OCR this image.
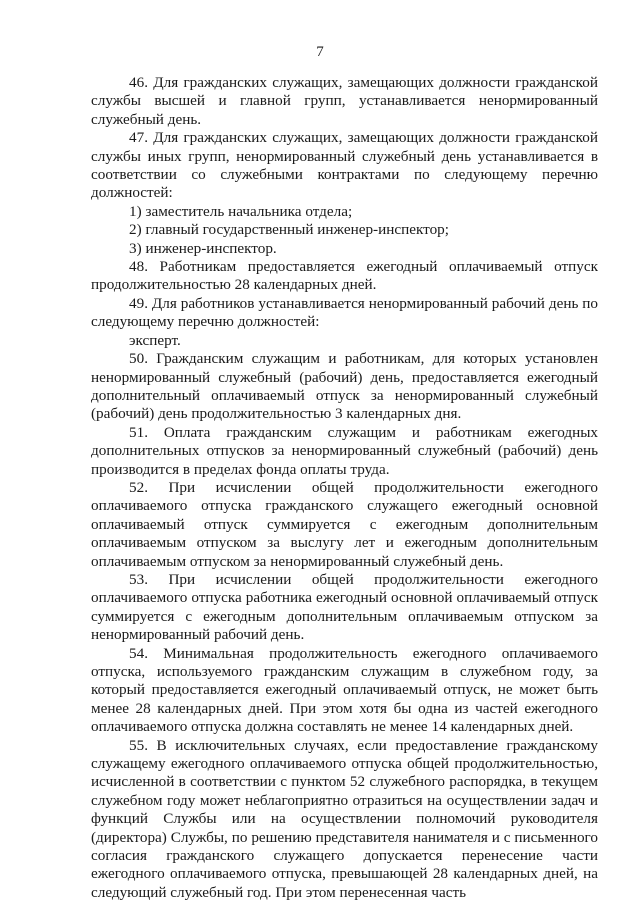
7

46. Для гражданских служащих, замещающих должности гражданской службы высшей и главной групп, устанавливается ненормированный служебный день.

47. Для гражданских служащих, замещающих должности гражданской службы иных групп, ненормированный служебный день устанавливается в соответствии со служебными контрактами по следующему перечню должностей:

1) заместитель начальника отдела;

2) главный государственный инженер-инспектор;

3) инженер-инспектор.

48. Работникам предоставляется ежегодный оплачиваемый отпуск продолжительностью 28 календарных дней.

49. Для работников устанавливается ненормированный рабочий день по следующему перечню должностей:

эксперт.

50. Гражданским служащим и работникам, для которых установлен ненормированный служебный (рабочий) день, предоставляется ежегодный дополнительный оплачиваемый отпуск за ненормированный служебный (рабочий) день продолжительностью 3 календарных дня.

51. Оплата гражданским служащим и работникам ежегодных дополнительных отпусков за ненормированный служебный (рабочий) день производится в пределах фонда оплаты труда.

52. При исчислении общей продолжительности ежегодного оплачиваемого отпуска гражданского служащего ежегодный основной оплачиваемый отпуск суммируется с ежегодным дополнительным оплачиваемым отпуском за выслугу лет и ежегодным дополнительным оплачиваемым отпуском за ненормированный служебный день.

53. При исчислении общей продолжительности ежегодного оплачиваемого отпуска работника ежегодный основной оплачиваемый отпуск суммируется с ежегодным дополнительным оплачиваемым отпуском за ненормированный рабочий день.

54. Минимальная продолжительность ежегодного оплачиваемого отпуска, используемого гражданским служащим в служебном году, за который предоставляется ежегодный оплачиваемый отпуск, не может быть менее 28 календарных дней. При этом хотя бы одна из частей ежегодного оплачиваемого отпуска должна составлять не менее 14 календарных дней.

55. В исключительных случаях, если предоставление гражданскому служащему ежегодного оплачиваемого отпуска общей продолжительностью, исчисленной в соответствии с пунктом 52 служебного распорядка, в текущем служебном году может неблагоприятно отразиться на осуществлении задач и функций Службы или на осуществлении полномочий руководителя (директора) Службы, по решению представителя нанимателя и с письменного согласия гражданского служащего допускается перенесение части ежегодного оплачиваемого отпуска, превышающей 28 календарных дней, на следующий служебный год. При этом перенесенная часть
